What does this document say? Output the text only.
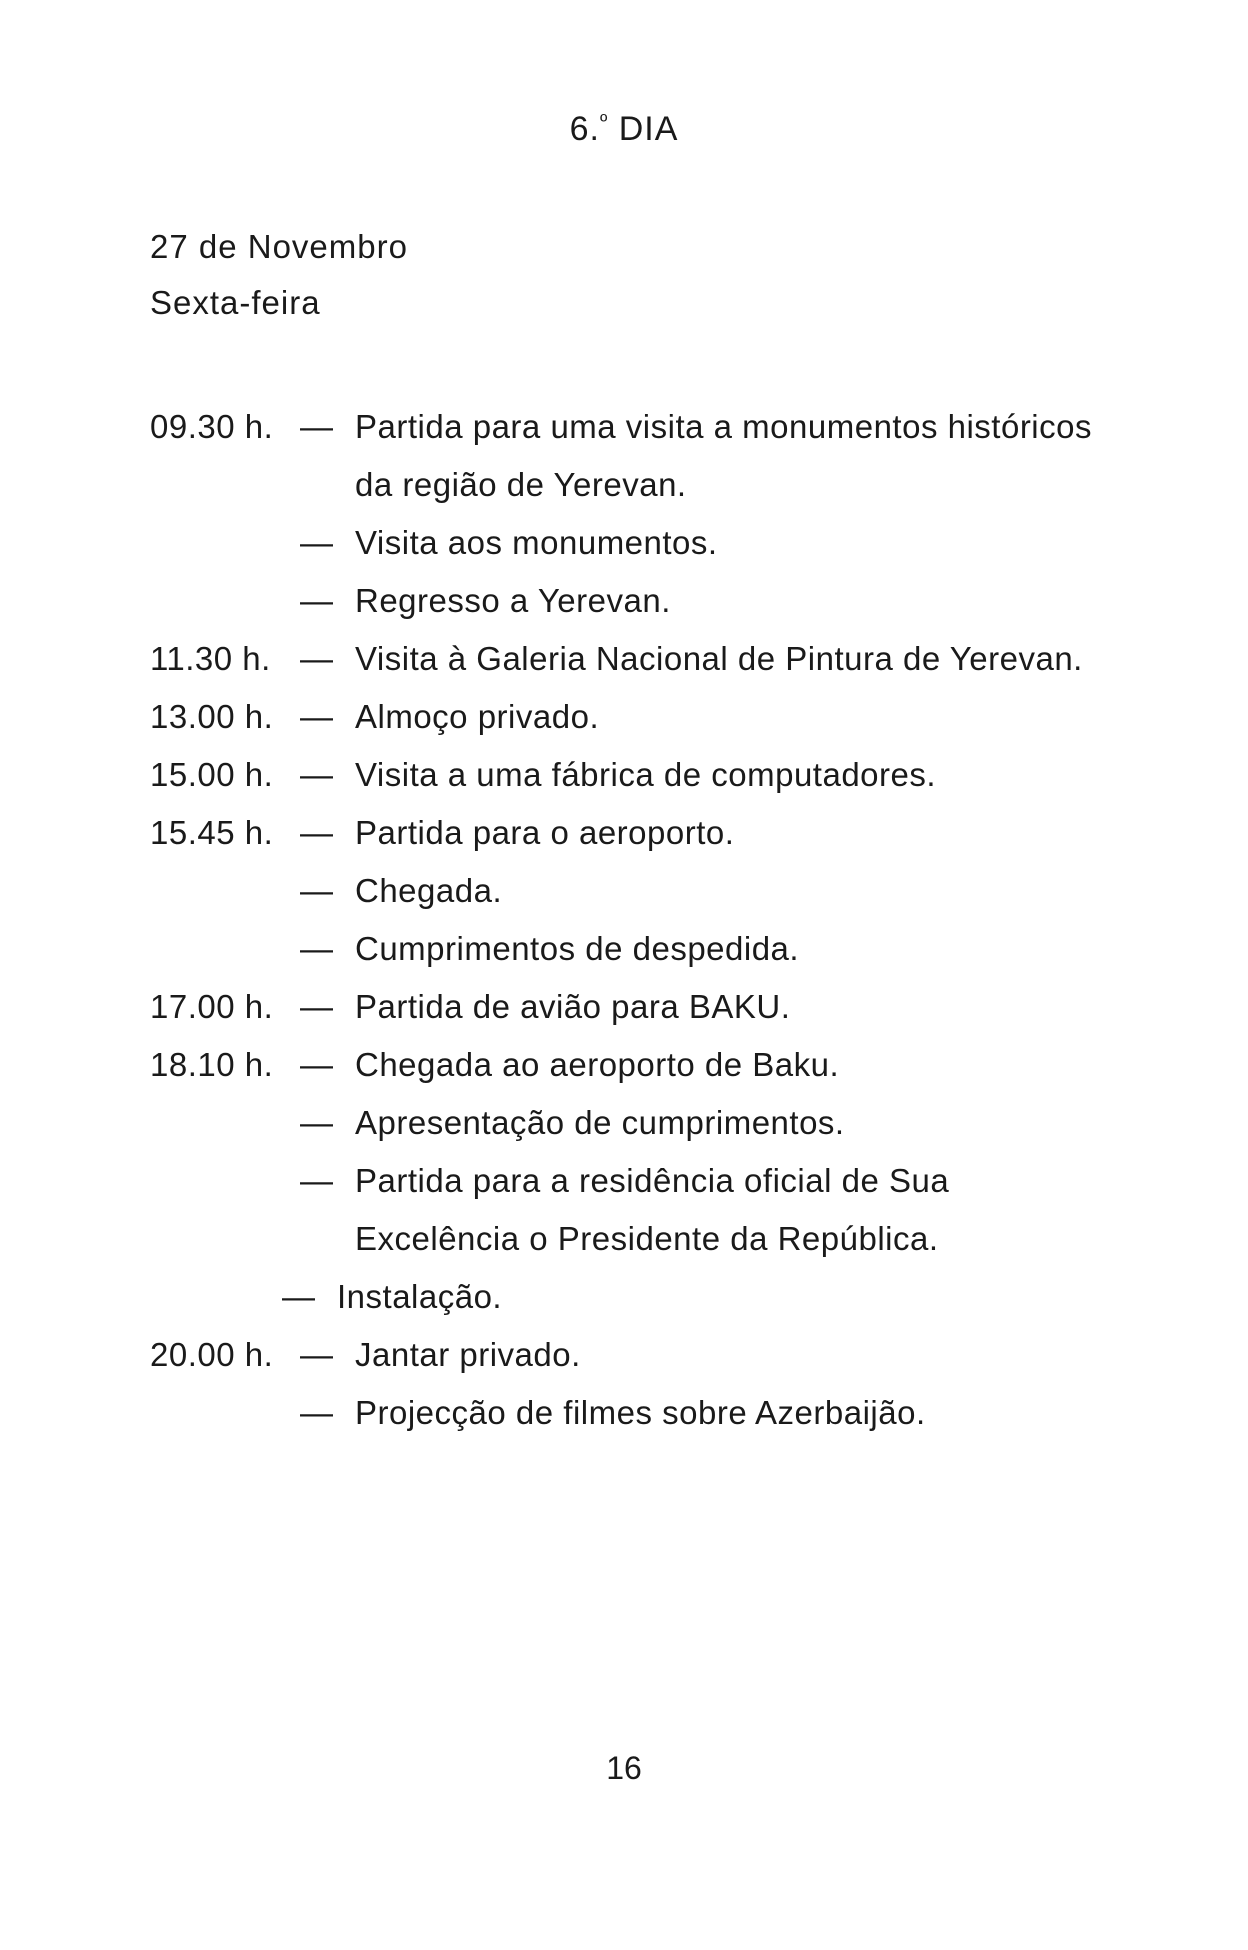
6.$^º$ DIA
27 de Novembro
Sexta-feira
09.30 h. — Partida para uma visita a monumentos históricos
da região de Yerevan.
— Visita aos monumentos.
— Regresso a Yerevan.
11.30 h. — Visita à Galeria Nacional de Pintura de Yerevan.
13.00 h. — Almoço privado.
15.00 h. — Visita a uma fábrica de computadores.
15.45 h. — Partida para o aeroporto.
— Chegada.
— Cumprimentos de despedida.
17.00 h. — Partida de avião para BAKU.
18.10 h. — Chegada ao aeroporto de Baku.
— Apresentação de cumprimentos.
— Partida para a residência oficial de Sua
Excelência o Presidente da República.
— Instalação.
20.00 h. — Jantar privado.
— Projecção de filmes sobre Azerbaijão.
16
